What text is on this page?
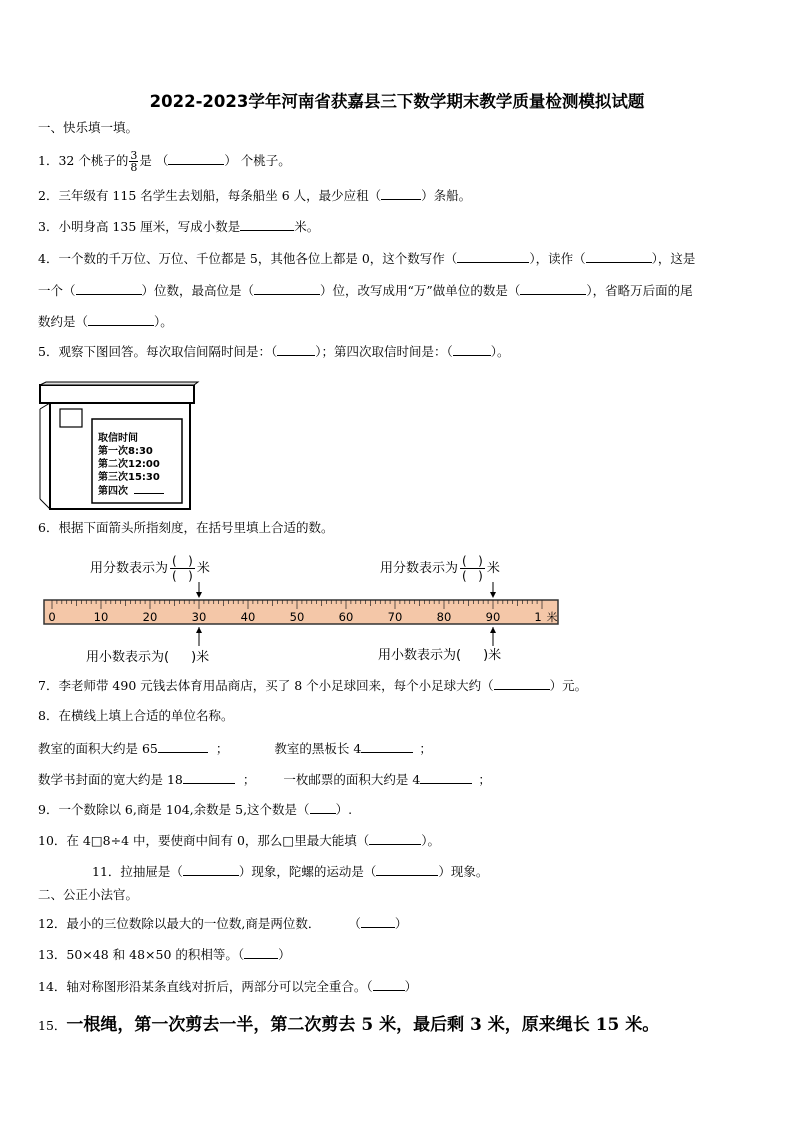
2022-2023学年河南省获嘉县三下数学期末教学质量检测模拟试题
一、快乐填一填。
1．32 个桃子的 $\frac{3}{8}$ 是 （	） 个桃子。
2．三年级有 115 名学生去划船，每条船坐 6 人，最少应租（	）条船。
3．小明身高 135 厘米，写成小数是	米。
4．一个数的千万位、万位、千位都是 5，其他各位上都是 0，这个数写作（	），读作（	），这是
一个（	）位数，最高位是（	）位，改写成用“万”做单位的数是（	），省略万后面的尾
数约是（	）。
5．观察下图回答。每次取信间隔时间是：（	）；第四次取信时间是：（	）。
取信时间
第一次8:30
第二次12:00
第三次15:30
第四次
6．根据下面箭头所指刻度，在括号里填上合适的数。
用分数表示为 ( )
( ) 米	用分数表示为 ( )
( ) 米
0	10	20	30	40	50	60	70	80	90	1 米
用小数表示为( )米	用小数表示为( )米
7．李老师带 490 元钱去体育用品商店，买了 8 个小足球回来，每个小足球大约（	）元。
8．在横线上填上合适的单位名称。
教室的面积大约是 65	；	教室的黑板长 4	；
数学书封面的宽大约是 18	； 一枚邮票的面积大约是 4	；
9．一个数除以 6,商是 104,余数是 5,这个数是（ ）.
10．在 4□8÷4 中，要使商中间有 0，那么□里最大能填（	）。
11．拉抽屉是（	）现象，陀螺的运动是（	）现象。
二、公正小法官。
12．最小的三位数除以最大的一位数,商是两位数． （	）
13．50×48 和 48×50 的积相等。（	）
14．轴对称图形沿某条直线对折后，两部分可以完全重合。（	）
15．一根绳，第一次剪去一半，第二次剪去 5 米，最后剩 3 米，原来绳长 15 米。
